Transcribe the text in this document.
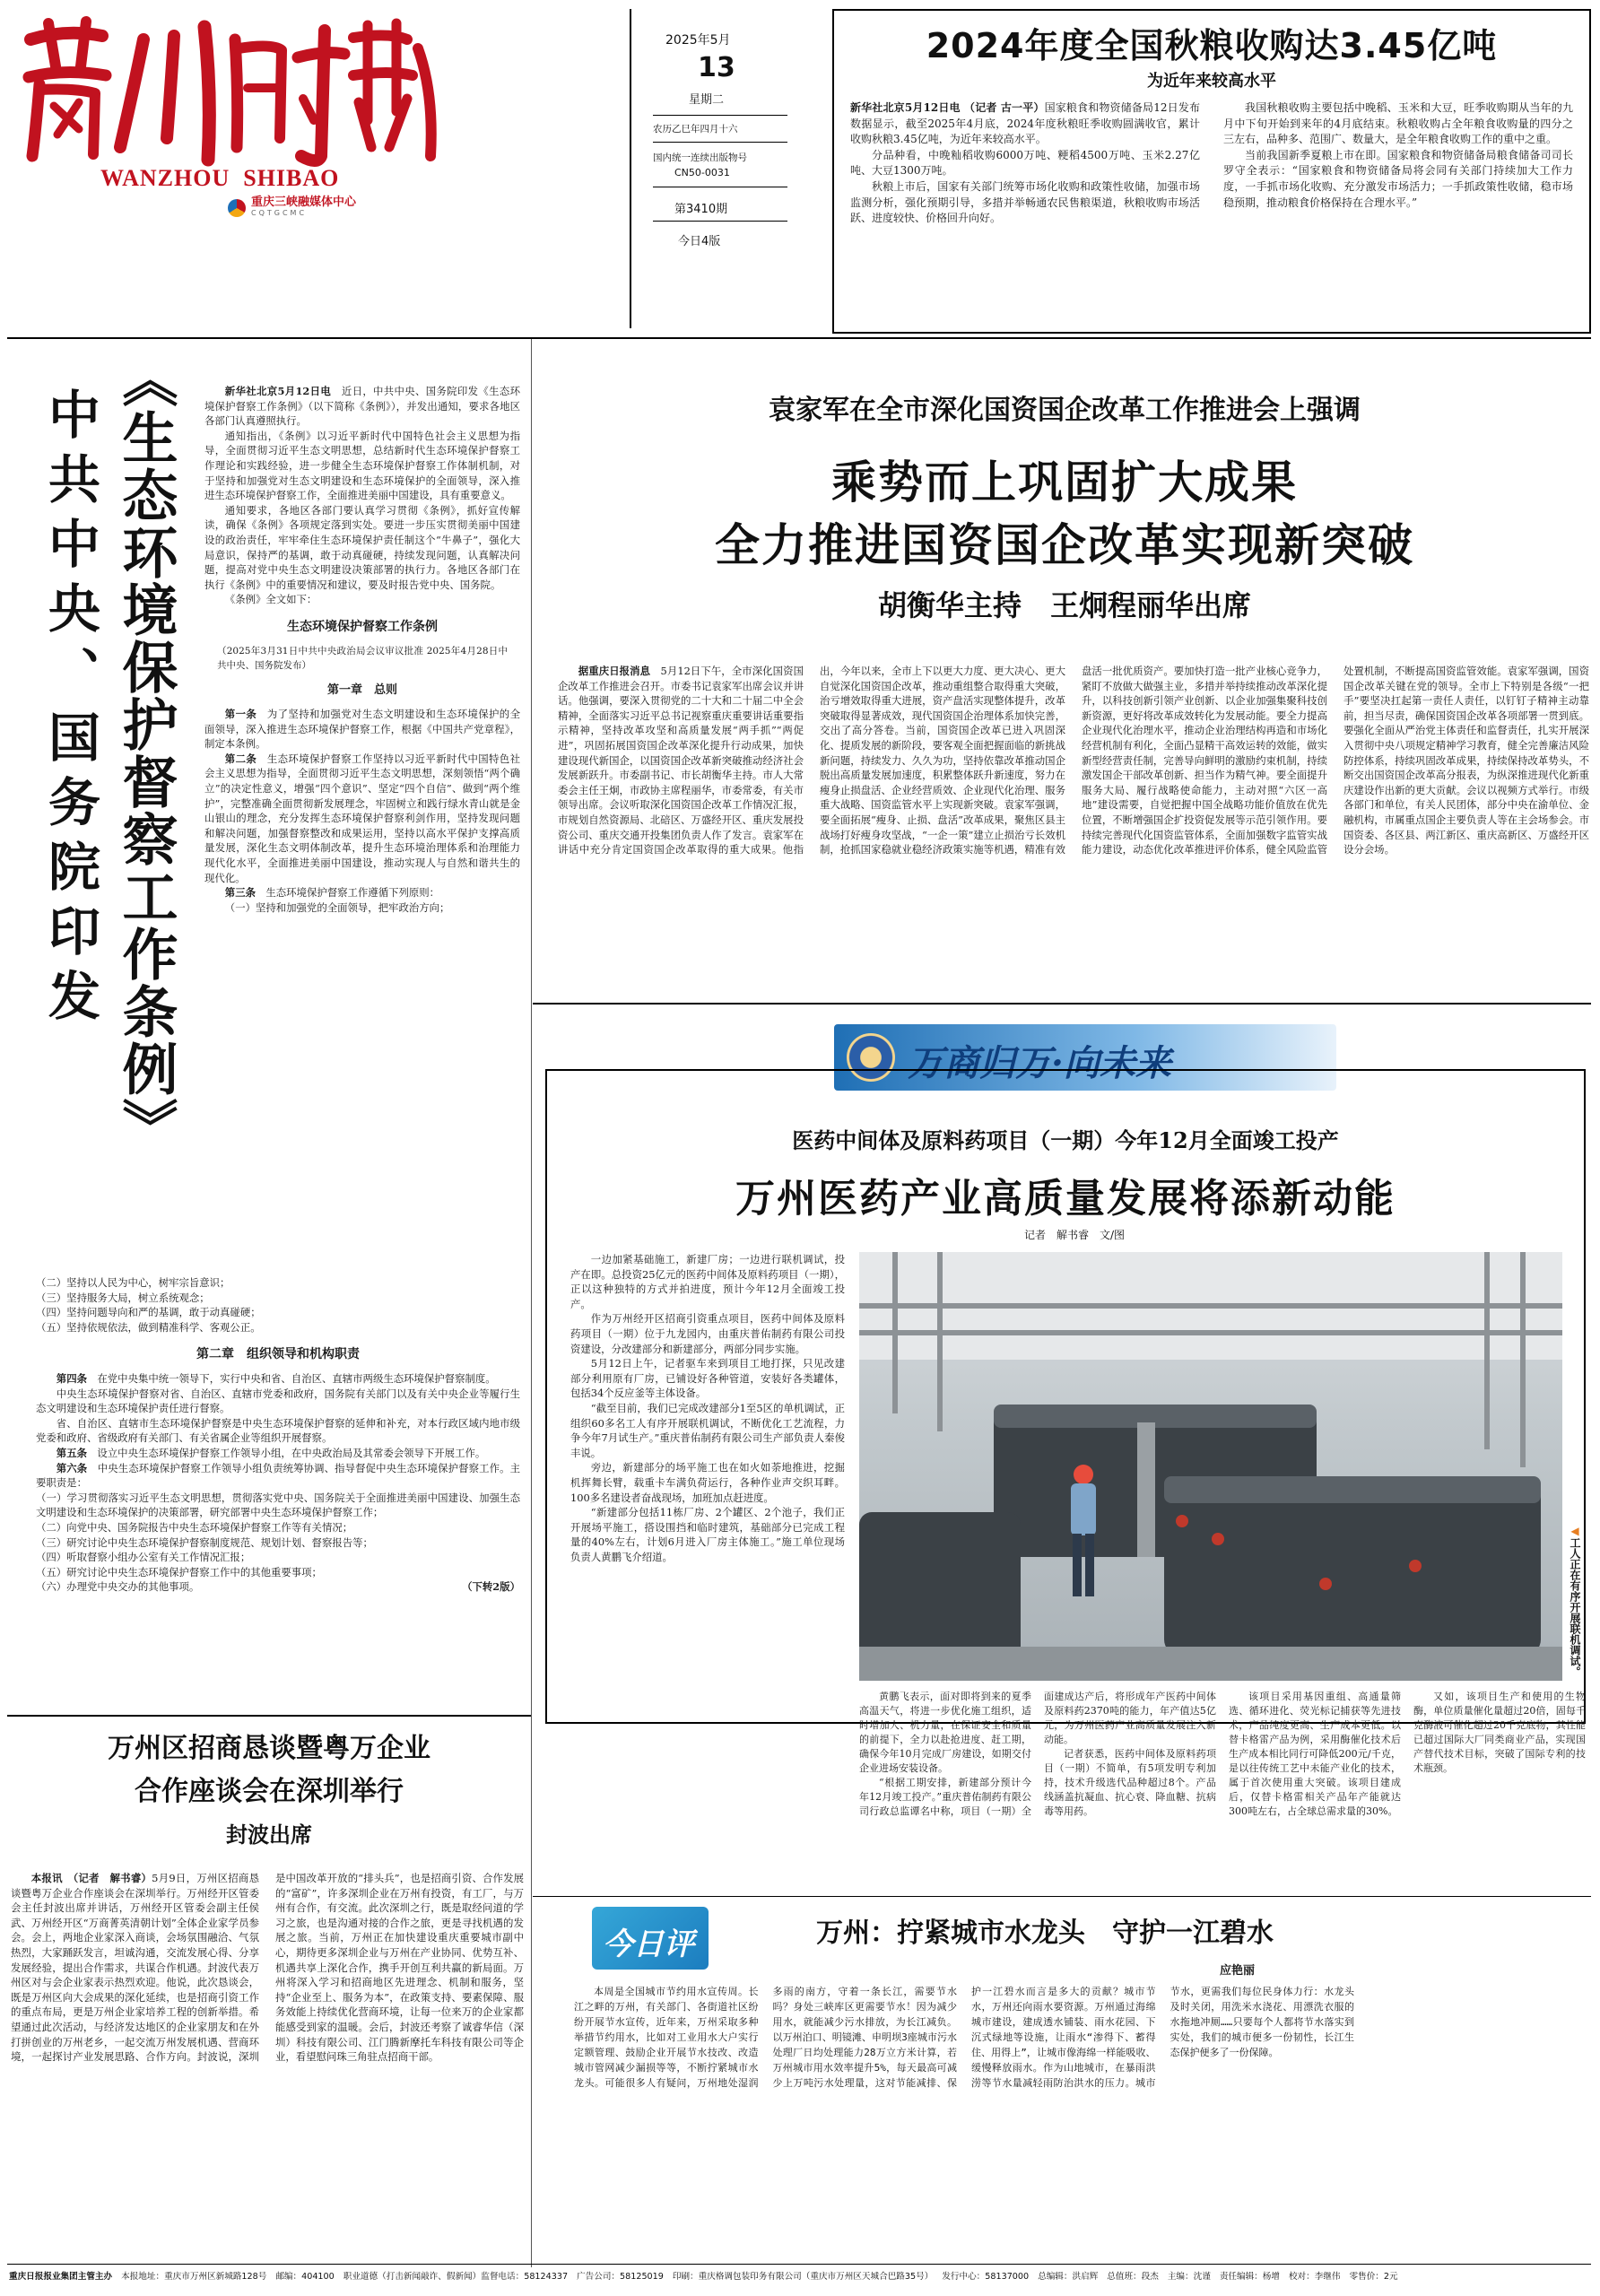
WANZHOU  SHIBAO
重庆三峡融媒体中心
CQTGCMC
2025年5月
13
星期二
农历乙巳年四月十六
国内统一连续出版物号
CN50-0031
第3410期
今日4版
2024年度全国秋粮收购达3.45亿吨
为近年来较高水平

新华社北京5月12日电 （记者 古一平）国家粮食和物资储备局12日发布数据显示，截至2025年4月底，2024年度秋粮旺季收购圆满收官，累计收购秋粮3.45亿吨，为近年来较高水平。

分品种看，中晚籼稻收购6000万吨、粳稻4500万吨、玉米2.27亿吨、大豆1300万吨。

秋粮上市后，国家有关部门统筹市场化收购和政策性收储，加强市场监测分析，强化预期引导，多措并举畅通农民售粮渠道，秋粮收购市场活跃、进度较快、价格回升向好。

我国秋粮收购主要包括中晚稻、玉米和大豆，旺季收购期从当年的九月中下旬开始到来年的4月底结束。秋粮收购占全年粮食收购量的四分之三左右，品种多、范围广、数量大，是全年粮食收购工作的重中之重。

当前我国新季夏粮上市在即。国家粮食和物资储备局粮食储备司司长罗守全表示：“国家粮食和物资储备局将会同有关部门持续加大工作力度，一手抓市场化收购、充分激发市场活力；一手抓政策性收储，稳市场稳预期，推动粮食价格保持在合理水平。”

中共中央、国务院印发 《生态环境保护督察工作条例》	新华社北京5月12日电　 近日，中共中央、国务院印发《生态环境保护督察工作条例》（以下简称《条例》），并发出通知，要求各地区各部门认真遵照执行。

通知指出，《条例》以习近平新时代中国特色社会主义思想为指导，全面贯彻习近平生态文明思想，总结新时代生态环境保护督察工作理论和实践经验，进一步健全生态环境保护督察工作体制机制，对于坚持和加强党对生态文明建设和生态环境保护的全面领导，深入推进生态环境保护督察工作，全面推进美丽中国建设，具有重要意义。

通知要求，各地区各部门要认真学习贯彻《条例》，抓好宣传解读，确保《条例》各项规定落到实处。要进一步压实贯彻美丽中国建设的政治责任，牢牢牵住生态环境保护责任制这个“牛鼻子”，强化大局意识，保持严的基调，敢于动真碰硬，持续发现问题，认真解决问题，提高对党中央生态文明建设决策部署的执行力。各地区各部门在执行《条例》中的重要情况和建议，要及时报告党中央、国务院。

《条例》全文如下：

生态环境保护督察工作条例
（2025年3月31日中共中央政治局会议审议批准 2025年4月28日中共中央、国务院发布）
第一章　总则

第一条　 为了坚持和加强党对生态文明建设和生态环境保护的全面领导，深入推进生态环境保护督察工作，根据《中国共产党章程》，制定本条例。

第二条　 生态环境保护督察工作坚持以习近平新时代中国特色社会主义思想为指导，全面贯彻习近平生态文明思想，深刻领悟“两个确立”的决定性意义，增强“四个意识”、坚定“四个自信”、做到“两个维护”，完整准确全面贯彻新发展理念，牢固树立和践行绿水青山就是金山银山的理念，充分发挥生态环境保护督察利剑作用，坚持发现问题和解决问题，加强督察整改和成果运用，坚持以高水平保护支撑高质量发展，深化生态文明体制改革，提升生态环境治理体系和治理能力现代化水平，全面推进美丽中国建设，推动实现人与自然和谐共生的现代化。

第三条　 生态环境保护督察工作遵循下列原则：

（一）坚持和加强党的全面领导，把牢政治方向；

（二）坚持以人民为中心，树牢宗旨意识；

（三）坚持服务大局，树立系统观念；

（四）坚持问题导向和严的基调，敢于动真碰硬；

（五）坚持依规依法，做到精准科学、客观公正。

第二章　组织领导和机构职责

第四条　 在党中央集中统一领导下，实行中央和省、自治区、直辖市两级生态环境保护督察制度。

中央生态环境保护督察对省、自治区、直辖市党委和政府，国务院有关部门以及有关中央企业等履行生态文明建设和生态环境保护责任进行督察。

省、自治区、直辖市生态环境保护督察是中央生态环境保护督察的延伸和补充，对本行政区域内地市级党委和政府、省级政府有关部门、有关省属企业等组织开展督察。

第五条　 设立中央生态环境保护督察工作领导小组，在中央政治局及其常委会领导下开展工作。

第六条　 中央生态环境保护督察工作领导小组负责统筹协调、指导督促中央生态环境保护督察工作。主要职责是：

（一）学习贯彻落实习近平生态文明思想，贯彻落实党中央、国务院关于全面推进美丽中国建设、加强生态文明建设和生态环境保护的决策部署，研究部署中央生态环境保护督察工作；

（二）向党中央、国务院报告中央生态环境保护督察工作等有关情况；

（三）研究讨论中央生态环境保护督察制度规范、规划计划、督察报告等；

（四）听取督察小组办公室有关工作情况汇报；

（五）研究讨论中央生态环境保护督察工作中的其他重要事项；

（六）办理党中央交办的其他事项。	（下转2版）

袁家军在全市深化国资国企改革工作推进会上强调
乘势而上巩固扩大成果
全力推进国资国企改革实现新突破
胡衡华主持　王炯程丽华出席

据重庆日报消息　 5月12日下午，全市深化国资国企改革工作推进会召开。市委书记袁家军出席会议并讲话。他强调，要深入贯彻党的二十大和二十届二中全会精神，全面落实习近平总书记视察重庆重要讲话重要指示精神，坚持改革攻坚和高质量发展“两手抓”“两促进”，巩固拓展国资国企改革深化提升行动成果，加快建设现代新国企，以国资国企改革新突破推动经济社会发展新跃升。市委副书记、市长胡衡华主持。市人大常委会主任王炯，市政协主席程丽华，市委常委，有关市领导出席。会议听取深化国资国企改革工作情况汇报，市规划自然资源局、北碚区、万盛经开区、重庆发展投资公司、重庆交通开投集团负责人作了发言。袁家军在讲话中充分肯定国资国企改革取得的重大成果。他指出，今年以来，全市上下以更大力度、更大决心、更大自觉深化国资国企改革，推动重组整合取得重大突破，治亏增效取得重大进展，资产盘活实现整体提升，改革突破取得显著成效，现代国资国企治理体系加快完善，交出了高分答卷。当前，国资国企改革已进入巩固深化、提质发展的新阶段，要客观全面把握面临的新挑战新问题，持续发力、久久为功，坚持依靠改革推动国企脱出高质量发展加速度，积累整体跃升新速度，努力在瘦身止损盘活、企业经营质效、企业现代化治理、服务重大战略、国资监管水平上实现新突破。袁家军强调，要全面拓展“瘦身、止损、盘活”改革成果，聚焦区县主战场打好瘦身攻坚战，“一企一策”建立止损治亏长效机制，抢抓国家稳就业稳经济政策实施等机遇，精准有效盘活一批优质资产。要加快打造一批产业核心竞争力，紧盯不放做大做强主业，多措并举持续推动改革深化提升，以科技创新引领产业创新、以企业加强集聚科技创新资源，更好将改革成效转化为发展动能。要全力提高企业现代化治理水平，推动企业治理结构再造和市场化经营机制有利化，全面凸显精干高效运转的效能，做实新型经营责任制，完善导向鲜明的激励约束机制，持续激发国企干部改革创新、担当作为精气神。要全面提升服务大局、履行战略使命能力，主动对照“六区一高地”建设需要，自觉把握中国全战略功能价值放在优先位置，不断增强国企扩投资促发展等示范引领作用。要持续完善现代化国资监管体系，全面加强数字监管实战能力建设，动态优化改革推进评价体系，健全风险监管处置机制，不断提高国资监管效能。袁家军强调，国资国企改革关键在党的领导。全市上下特别是各级“一把手”要坚决扛起第一责任人责任，以钉钉子精神主动靠前，担当尽责，确保国资国企改革各项部署一贯到底。要强化全面从严治党主体责任和监督责任，扎实开展深入贯彻中央八项规定精神学习教育，健全完善廉洁风险防控体系，持续巩固改革成果，持续保持改革势头，不断交出国资国企改革高分报表，为纵深推进现代化新重庆建设作出新的更大贡献。会议以视频方式举行。市级各部门和单位，有关人民团体，部分中央在渝单位、金融机构，市属重点国企主要负责人等在主会场参会。市国资委、各区县、两江新区、重庆高新区、万盛经开区设分会场。

万商归万·向未来
医药中间体及原料药项目（一期）今年12月全面竣工投产
万州医药产业高质量发展将添新动能
记者　解书睿　文/图
◀工人正在有序开展联机调试。

一边加紧基础施工，新建厂房；一边进行联机调试，投产在即。总投资25亿元的医药中间体及原料药项目（一期），正以这种独特的方式并拍进度，预计今年12月全面竣工投产。

作为万州经开区招商引资重点项目，医药中间体及原料药项目（一期）位于九龙园内，由重庆普佑制药有限公司投资建设，分改建部分和新建部分，两部分同步实施。

5月12日上午，记者驱车来到项目工地打探，只见改建部分利用原有厂房，已铺设好各种管道，安装好各类罐体，包括34个反应釜等主体设备。

“截至目前，我们已完成改建部分1至5区的单机调试，正组织60多名工人有序开展联机调试，不断优化工艺流程，力争今年7月试生产。”重庆普佑制药有限公司生产部负责人秦俊丰说。

旁边，新建部分的场平施工也在如火如荼地推进，挖掘机挥舞长臂，载重卡车满负荷运行，各种作业声交织耳畔。100多名建设者奋战现场，加班加点赶进度。

“新建部分包括11栋厂房、2个罐区、2个池子，我们正开展场平施工，搭设围挡和临时建筑，基础部分已完成工程量的40%左右，计划6月进入厂房主体施工。”施工单位现场负责人黄鹏飞介绍道。

黄鹏飞表示，面对即将到来的夏季高温天气，将进一步优化施工组织，适时增加人、机力量，在保证安全和质量的前提下，全力以赴抢进度、赶工期，确保今年10月完成厂房建设，如期交付企业进场安装设备。

“根据工期安排，新建部分预计今年12月竣工投产。”重庆普佑制药有限公司行政总监谭名中称，项目（一期）全面建成达产后，将形成年产医药中间体及原料药2370吨的能力，年产值达5亿元，为万州医药产业高质量发展注入新动能。

记者获悉，医药中间体及原料药项目（一期）不简单，有5项发明专利加持，技术升级选代品种超过8个。产品线涵盖抗凝血、抗心衰、降血糖、抗病毒等用药。

该项目采用基因重组、高通量筛选、循环进化、荧光标记捕获等先进技术，产品纯度更高、生产成本更低。以替卡格雷产品为例，采用酶催化技术后生产成本相比同行可降低200元/千克，是以往传统工艺中未能产业化的技术，属于首次使用重大突破。该项目建成后，仅替卡格雷相关产品年产能就达300吨左右，占全球总需求量的30%。

又如，该项目生产和使用的生物酶，单位质量催化量超过20倍，固每千克酶液可催化超过20千克底物，其性能已超过国际大厂同类商业产品，实现国产替代技术目标，突破了国际专利的技术瓶颈。

万州区招商恳谈暨粤万企业
合作座谈会在深圳举行
封波出席

本报讯　（记者　解书睿）5月9日，万州区招商恳谈暨粤万企业合作座谈会在深圳举行。万州经开区管委会主任封波出席并讲话，万州经开区管委会副主任侯武、万州经开区“万商菁英清朝计划”全体企业家学员参会。会上，两地企业家深入商谈，会场氛围融洽、气氛热烈，大家踊跃发言，坦诚沟通，交流发展心得、分享发展经验，提出合作需求，共谋合作机遇。封波代表万州区对与会企业家表示热烈欢迎。他说，此次恳谈会，既是万州区向大会成果的深化延续，也是招商引资工作的重点布局，更是万州企业家培养工程的创新举措。希望通过此次活动，与经济发达地区的企业家朋友和在外打拼创业的万州老乡，一起交流万州发展机遇、营商环境，一起探讨产业发展思路、合作方向。封波说，深圳是中国改革开放的“排头兵”，也是招商引资、合作发展的“富矿”，许多深圳企业在万州有投资，有工厂，与万州有合作，有交流。此次深圳之行，既是取经问道的学习之旅，也是沟通对接的合作之旅，更是寻找机遇的发展之旅。当前，万州正在加快建设重庆重要城市副中心，期待更多深圳企业与万州在产业协同、优势互补、机遇共享上深化合作，携手开创互利共赢的新局面。万州将深入学习和招商地区先进理念、机制和服务，坚持“企业至上、服务为本”，在政策支持、要素保障、服务效能上持续优化营商环境，让每一位来万的企业家都能感受到家的温暖。会后，封波还考察了诚睿华信（深圳）科技有限公司、江门腾新摩托车科技有限公司等企业，看望慰问珠三角驻点招商干部。

今日评	万州：拧紧城市水龙头　守护一江碧水
应艳丽

本周是全国城市节约用水宣传周。长江之畔的万州，有关部门、各街道社区纷纷开展节水宣传，近年来，万州采取多种举措节约用水，比如对工业用水大户实行定额管理、鼓励企业开展节水技改、改造城市管网减少漏损等等，不断拧紧城市水龙头。可能很多人有疑问，万州地处湿润多雨的南方，守着一条长江，需要节水吗？身处三峡库区更需要节水！因为减少用水，就能减少污水排放，为长江减负。以万州泊口、明镜滩、申明坝3座城市污水处理厂日均处理能力28万立方米计算，若万州城市用水效率提升5%，每天最高可减少上万吨污水处理量，这对节能减排、保护一江碧水而言是多大的贡献？城市节水，万州还向雨水要资源。万州通过海绵城市建设，建成透水铺装、雨水花园、下沉式绿地等设施，让雨水“渗得下、蓄得住、用得上”，让城市像海绵一样能吸收、缓慢释放雨水。作为山地城市，在暴雨洪涝等节水量减轻雨防治洪水的压力。城市节水，更需我们每位民身体力行：水龙头及时关闭，用洗米水浇花、用漂洗衣服的水拖地冲厕……只要每个人都将节水落实到实处，我们的城市便多一份韧性，长江生态保护便多了一份保障。

重庆日报报业集团主管主办 本报地址：重庆市万州区新城路128号 邮编：404100 职业道德（打击新闻敲诈、假新闻）监督电话：58124337 广告公司：58125019 印刷：重庆格调包装印务有限公司（重庆市万州区天城合巴路35号） 发行中心：58137000 总编辑：洪启辉 总值班：段杰 主编：沈谨 责任编辑：杨增 校对：李继伟 零售价：2元
